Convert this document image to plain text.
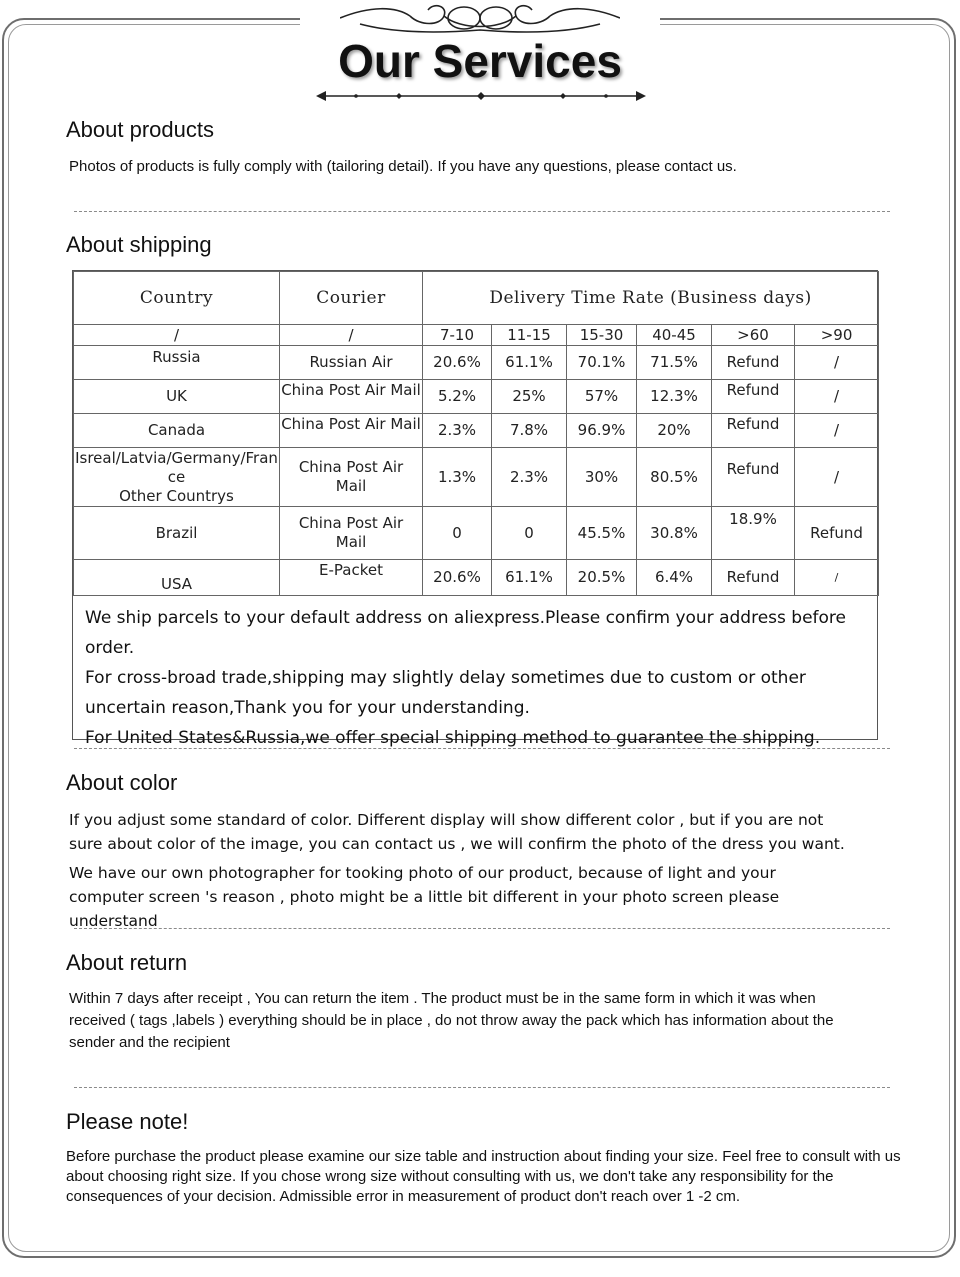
Our Services
About products
Photos of products is fully comply with (tailoring detail). If you have any questions, please contact us.
About shipping
Country	Courier	Delivery Time Rate (Business days)					
/	/	7-10	11-15	15-30	40-45	>60	>90
Russia	Russian Air	20.6%	61.1%	70.1%	71.5%	Refund	/
UK	China Post Air Mail	5.2%	25%	57%	12.3%	Refund	/
Canada	China Post Air Mail	2.3%	7.8%	96.9%	20%	Refund	/
Isreal/Latvia/Germany/France
Other Countrys	China Post Air Mail	1.3%	2.3%	30%	80.5%	Refund	/
Brazil	China Post Air Mail	0	0	45.5%	30.8%	18.9%	Refund
USA	E-Packet	20.6%	61.1%	20.5%	6.4%	Refund	/
We ship parcels to your default address on aliexpress.Please confirm your address before order.
For cross-broad trade,shipping may slightly delay sometimes due to custom or other uncertain reason,Thank you for your understanding.
For United States&Russia,we offer special shipping method to guarantee the shipping.
About color
If you adjust some standard of color. Different display will show different color , but if you are not sure about color of the image, you can contact us , we will confirm the photo of the dress you want.
We have our own photographer for tooking photo of our product, because of light and your computer screen 's reason , photo might be a little bit different in your photo screen please understand
About return
Within 7 days after receipt , You can return the item . The product must be in the same form in which it was when received ( tags ,labels ) everything should be in place , do not throw away the pack which has information about the sender and the recipient
Please note!
Before purchase the product please examine our size table and instruction about finding your size. Feel free to consult with us about choosing right size. If you chose wrong size without consulting with us, we don't take any responsibility for the consequences of your decision. Admissible error in measurement of product don't reach over 1 -2 cm.
